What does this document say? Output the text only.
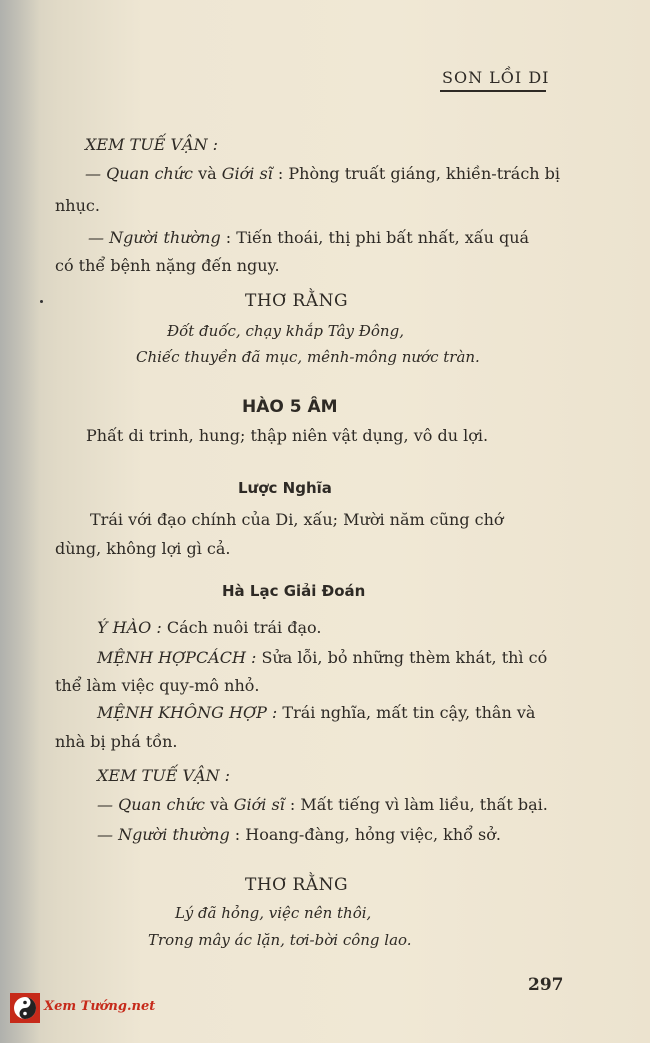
SON LỒI DI
XEM TUẾ VẬN :
— Quan chức và Giới sĩ : Phòng truất giáng, khiền-trách bị
nhục.
— Người thường : Tiến thoái, thị phi bất nhất, xấu quá
có thể bệnh nặng đến nguy.
THƠ RẰNG
Đốt đuốc, chạy khắp Tây Đông,
Chiếc thuyền đã mục, mênh-mông nước tràn.
HÀO 5 ÂM
Phất di trinh, hung; thập niên vật dụng, vô du lợi.
Lược Nghĩa
Trái với đạo chính của Di, xấu; Mười năm cũng chớ
dùng, không lợi gì cả.
Hà Lạc Giải Đoán
Ý HÀO : Cách nuôi trái đạo.
MỆNH HỢPCÁCH : Sửa lỗi, bỏ những thèm khát, thì có
thể làm việc quy-mô nhỏ.
MỆNH KHÔNG HỢP : Trái nghĩa, mất tin cậy, thân và
nhà bị phá tồn.
XEM TUẾ VẬN :
— Quan chức và Giới sĩ : Mất tiếng vì làm liều, thất bại.
— Người thường : Hoang-đàng, hỏng việc, khổ sở.
THƠ RẰNG
Lý đã hỏng, việc nên thôi,
Trong mây ác lặn, tơi-bời công lao.
297
Xem Tướng.net
